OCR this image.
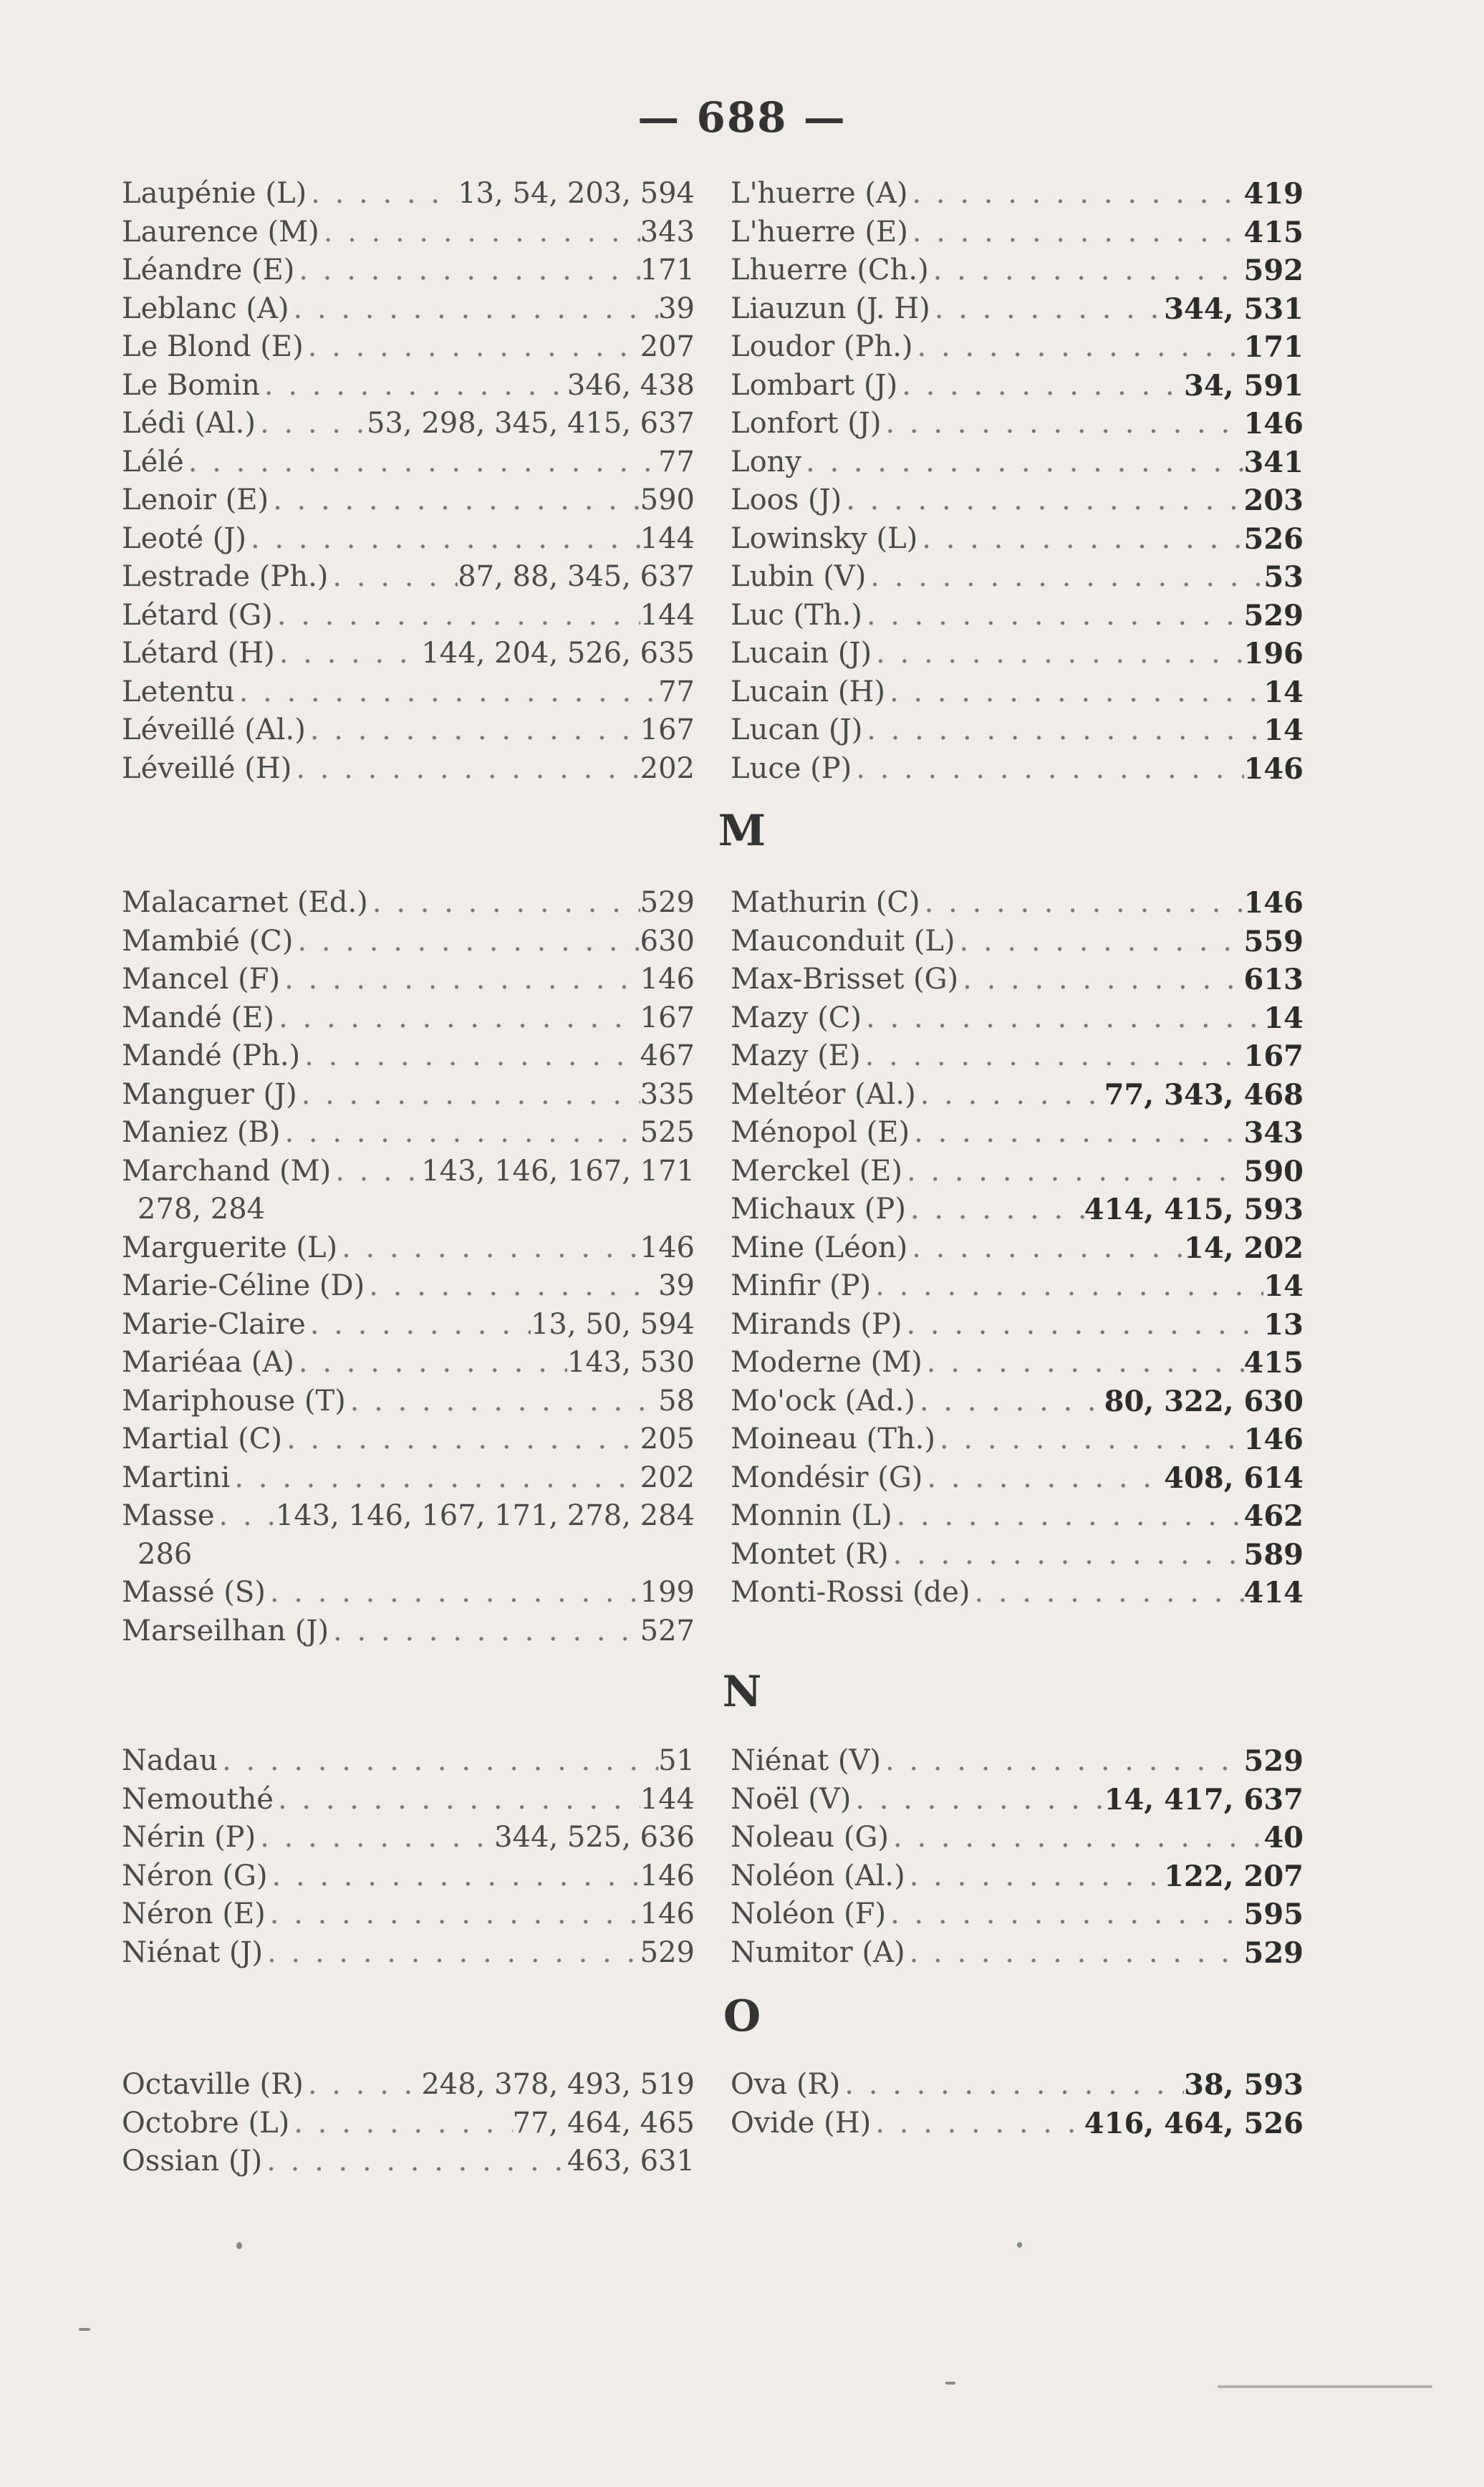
— 688 —
Laupénie (L) . . .	13, 54, 203, 594
Laurence (M) . . .	343
Léandre (E) . . .	171
Leblanc (A) . . .	39
Le Blond (E) . . .	207
Le Bomin . . .	346, 438
Lédi (Al.) . . .	53, 298, 345, 415, 637
Lélé . . .	77
Lenoir (E) . . .	590
Leoté (J) . . .	144
Lestrade (Ph.) . . .	87, 88, 345, 637
Létard (G) . . .	144
Létard (H) . . .	144, 204, 526, 635
Letentu . . .	77
Léveillé (Al.) . . .	167
Léveillé (H) . . .	202
L'huerre (A) . . .	419
L'huerre (E) . . .	415
Lhuerre (Ch.) . . .	592
Liauzun (J. H) . . .	344, 531
Loudor (Ph.) . . .	171
Lombart (J) . . .	34, 591
Lonfort (J) . . .	146
Lony . . .	341
Loos (J) . . .	203
Lowinsky (L) . . .	526
Lubin (V) . . .	53
Luc (Th.) . . .	529
Lucain (J) . . .	196
Lucain (H) . . .	14
Lucan (J) . . .	14
Luce (P) . . .	146
M
Malacarnet (Ed.) . . .	529
Mambié (C) . . .	630
Mancel (F) . . .	146
Mandé (E) . . .	167
Mandé (Ph.) . . .	467
Manguer (J) . . .	335
Maniez (B) . . .	525
Marchand (M) . . .	143, 146, 167, 171
278, 284
Marguerite (L) . . .	146
Marie-Céline (D) . . .	39
Marie-Claire . . .	13, 50, 594
Mariéaa (A) . . .	143, 530
Mariphouse (T) . . .	58
Martial (C) . . .	205
Martini . . .	202
Masse . . . 143, 146, 167, 171, 278, 284
286
Massé (S) . . .	199
Marseilhan (J) . . .	527
Mathurin (C) . . .	146
Mauconduit (L) . . .	559
Max-Brisset (G) . . .	613
Mazy (C) . . .	14
Mazy (E) . . .	167
Meltéor (Al.) . . .	77, 343, 468
Ménopol (E) . . .	343
Merckel (E) . . .	590
Michaux (P) . . .	414, 415, 593
Mine (Léon) . . .	14, 202
Minfir (P) . . .	14
Mirands (P) . . .	13
Moderne (M) . . .	415
Mo'ock (Ad.) . . .	80, 322, 630
Moineau (Th.) . . .	146
Mondésir (G) . . .	408, 614
Monnin (L) . . .	462
Montet (R) . . .	589
Monti-Rossi (de) . . .	414
N
Nadau . . .	51
Nemouthé . . .	144
Nérin (P) . . .	344, 525, 636
Néron (G) . . .	146
Néron (E) . . .	146
Niénat (J) . . .	529
Niénat (V) . . .	529
Noël (V) . . .	14, 417, 637
Noleau (G) . . .	40
Noléon (Al.) . . .	122, 207
Noléon (F) . . .	595
Numitor (A) . . .	529
O
Octaville (R) . . .	248, 378, 493, 519
Octobre (L) . . .	77, 464, 465
Ossian (J) . . .	463, 631
Ova (R) . . .	38, 593
Ovide (H) . . .	416, 464, 526
